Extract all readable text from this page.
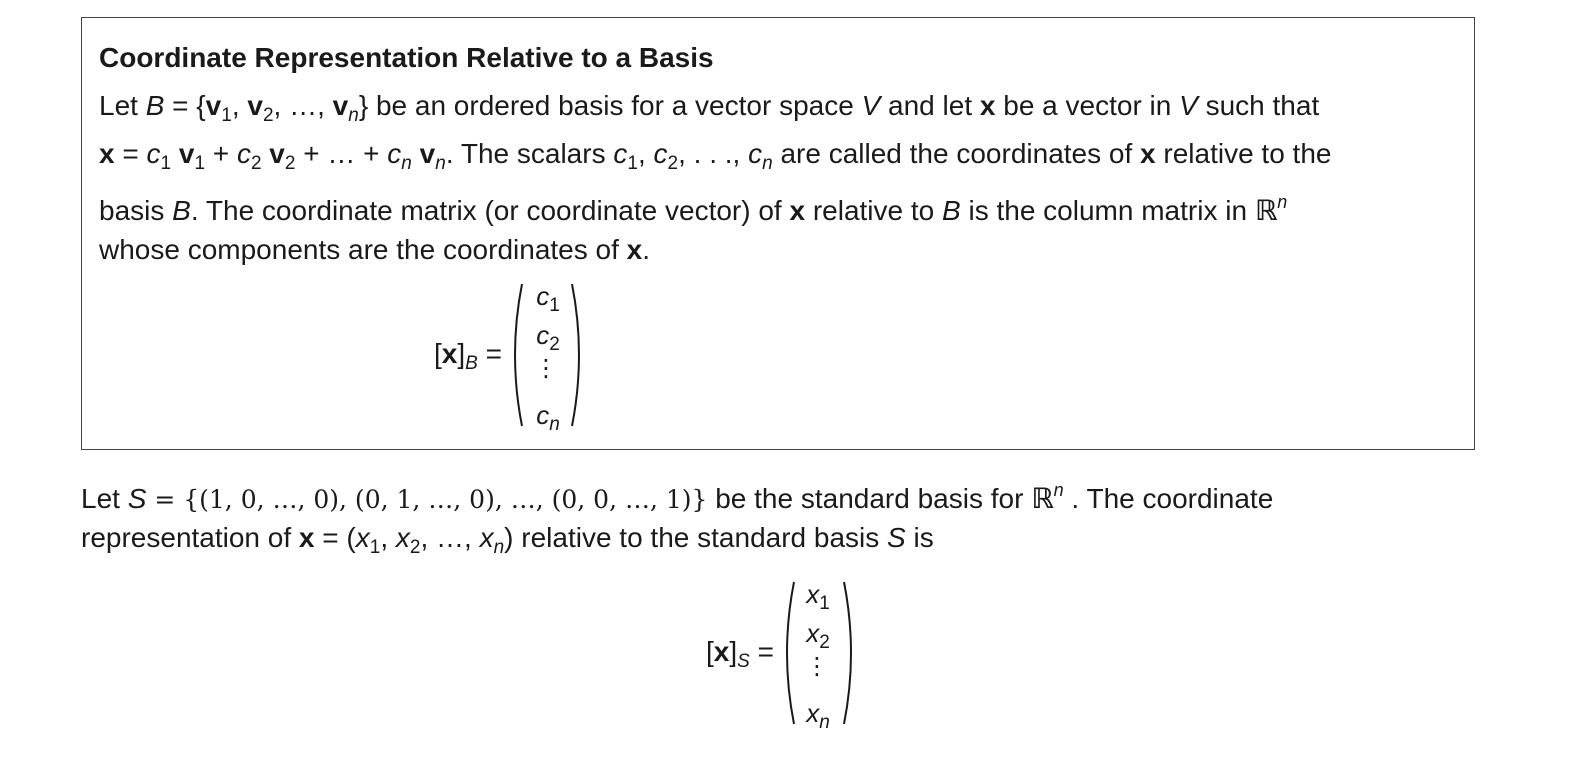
Coordinate Representation Relative to a Basis
Let $B = \{v_1$, $v_2$, …, $v_n$} be an ordered basis for a vector space V and let x be a vector in V such that
$x = c_1$ $v_1 + c_2$ $v_2$ + … + $c_n$ $v_n$. The scalars $c_1$, $c_2$, . . ., $c_n$ are called the coordinates of x relative to the
basis B. The coordinate matrix (or coordinate vector) of x relative to B is the column matrix in ℝ$^n$
whose components are the coordinates of x.
$[x]_B$ =
$c_1$
$c_2$
⋮
$c_n$
Let S = {(1, 0, …, 0), (0, 1, …, 0), …, (0, 0, …, 1)} be the standard basis for ℝ$^n$ . The coordinate
representation of $x = (x_1$, $x_2$, …, $x_n$) relative to the standard basis S is
$[x]_S$ =
$x_1$
$x_2$
⋮
$x_n$
